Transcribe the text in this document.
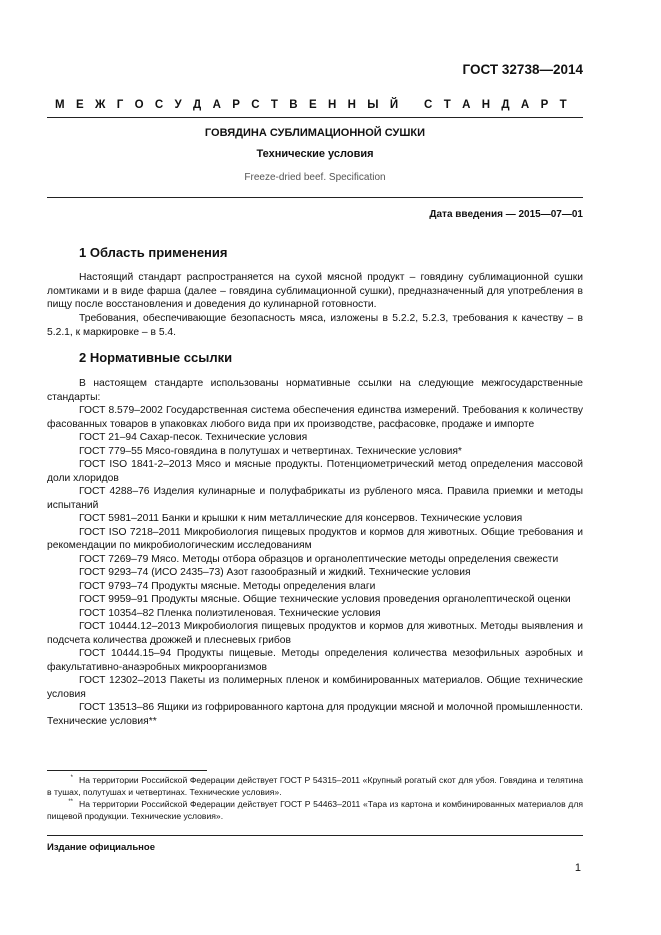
ГОСТ 32738—2014
М Е Ж Г О С У Д А Р С Т В Е Н Н Ы Й
С Т А Н Д А Р Т
ГОВЯДИНА СУБЛИМАЦИОННОЙ СУШКИ
Технические условия
Freeze-dried beef. Specification
Дата введения — 2015—07—01
1 Область применения
Настоящий стандарт распространяется на сухой мясной продукт – говядину сублимационной сушки ломтиками и в виде фарша (далее – говядина сублимационной сушки), предназначенный для употребления в пищу после восстановления и доведения до кулинарной готовности.
Требования, обеспечивающие безопасность мяса, изложены в 5.2.2, 5.2.3, требования к качеству – в 5.2.1, к маркировке – в 5.4.
2 Нормативные ссылки
В настоящем стандарте использованы нормативные ссылки на следующие межгосударственные стандарты:
ГОСТ 8.579–2002 Государственная система обеспечения единства измерений. Требования к количеству фасованных товаров в упаковках любого вида при их производстве, расфасовке, продаже и импорте
ГОСТ 21–94 Сахар-песок. Технические условия
ГОСТ 779–55 Мясо-говядина в полутушах и четвертинах. Технические условия*
ГОСТ ISO 1841-2–2013 Мясо и мясные продукты. Потенциометрический метод определения массовой доли хлоридов
ГОСТ 4288–76 Изделия кулинарные и полуфабрикаты из рубленого мяса. Правила приемки и методы испытаний
ГОСТ 5981–2011 Банки и крышки к ним металлические для консервов. Технические условия
ГОСТ ISO 7218–2011 Микробиология пищевых продуктов и кормов для животных. Общие требования и рекомендации по микробиологическим исследованиям
ГОСТ 7269–79 Мясо. Методы отбора образцов и органолептические методы определения свежести
ГОСТ 9293–74 (ИСО 2435–73) Азот газообразный и жидкий. Технические условия
ГОСТ 9793–74 Продукты мясные. Методы определения влаги
ГОСТ 9959–91 Продукты мясные. Общие технические условия проведения органолептической оценки
ГОСТ 10354–82 Пленка полиэтиленовая. Технические условия
ГОСТ 10444.12–2013 Микробиология пищевых продуктов и кормов для животных. Методы выявления и подсчета количества дрожжей и плесневых грибов
ГОСТ 10444.15–94 Продукты пищевые. Методы определения количества мезофильных аэробных и факультативно-анаэробных микроорганизмов
ГОСТ 12302–2013 Пакеты из полимерных пленок и комбинированных материалов. Общие технические условия
ГОСТ 13513–86 Ящики из гофрированного картона для продукции мясной и молочной промышленности. Технические условия**
* На территории Российской Федерации действует ГОСТ Р 54315–2011 «Крупный рогатый скот для убоя. Говядина и телятина в тушах, полутушах и четвертинах. Технические условия».
** На территории Российской Федерации действует ГОСТ Р 54463–2011 «Тара из картона и комбинированных материалов для пищевой продукции. Технические условия».
Издание официальное
1
